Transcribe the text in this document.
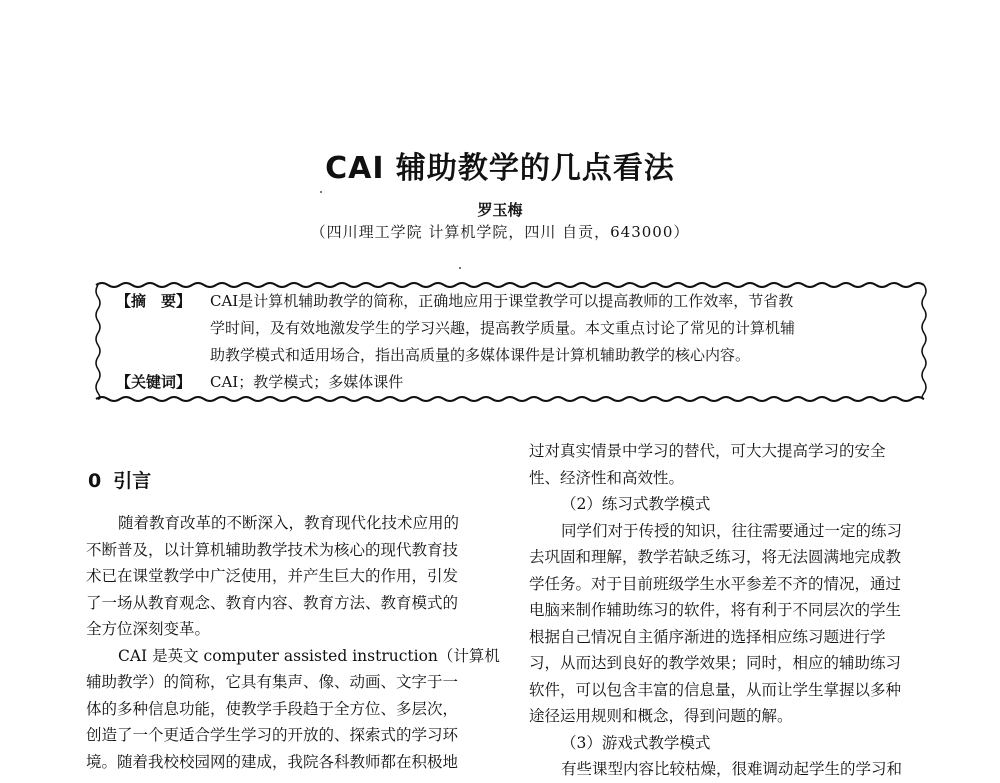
CAI 辅助教学的几点看法
罗玉梅
（四川理工学院 计算机学院，四川 自贡，643000）
【摘　要】 CAI是计算机辅助教学的简称，正确地应用于课堂教学可以提高教师的工作效率，节省教
学时间，及有效地激发学生的学习兴趣，提高教学质量。本文重点讨论了常见的计算机辅
助教学模式和适用场合，指出高质量的多媒体课件是计算机辅助教学的核心内容。
【关键词】 CAI；教学模式；多媒体课件
0 引言
随着教育改革的不断深入，教育现代化技术应用的
不断普及，以计算机辅助教学技术为核心的现代教育技
术已在课堂教学中广泛使用，并产生巨大的作用，引发
了一场从教育观念、教育内容、教育方法、教育模式的
全方位深刻变革。
CAI 是英文 computer assisted instruction（计算机
辅助教学）的简称，它具有集声、像、动画、文字于一
体的多种信息功能，使教学手段趋于全方位、多层次，
创造了一个更适合学生学习的开放的、探索式的学习环
境。随着我校校园网的建成，我院各科教师都在积极地
过对真实情景中学习的替代，可大大提高学习的安全
性、经济性和高效性。
（2）练习式教学模式
同学们对于传授的知识，往往需要通过一定的练习
去巩固和理解，教学若缺乏练习，将无法圆满地完成教
学任务。对于目前班级学生水平参差不齐的情况，通过
电脑来制作辅助练习的软件，将有利于不同层次的学生
根据自己情况自主循序渐进的选择相应练习题进行学
习，从而达到良好的教学效果；同时，相应的辅助练习
软件，可以包含丰富的信息量，从而让学生掌握以多种
途径运用规则和概念，得到问题的解。
（3）游戏式教学模式
有些课型内容比较枯燥，很难调动起学生的学习和
